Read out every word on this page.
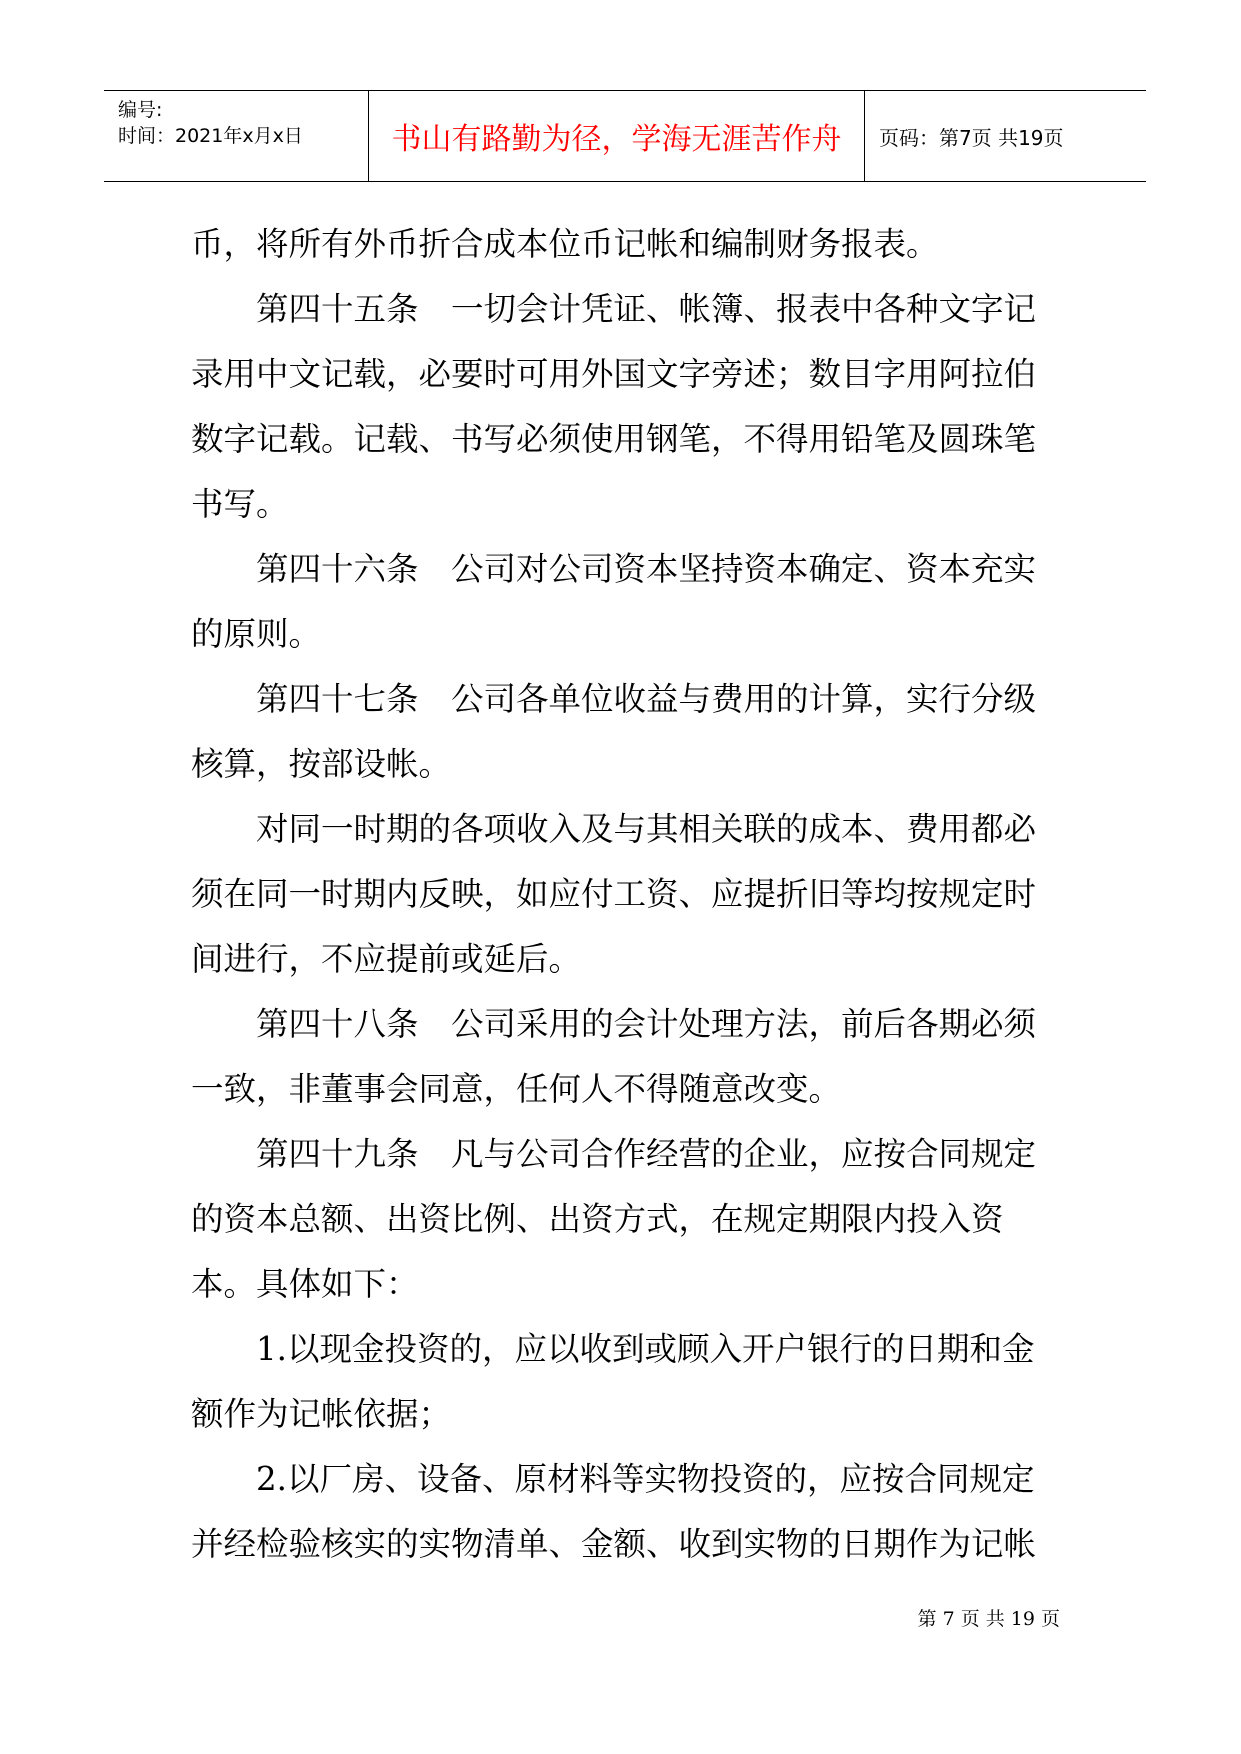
编号:
时间：2021年x月x日	书山有路勤为径，学海无涯苦作舟	页码：第7页 共19页

币，将所有外币折合成本位币记帐和编制财务报表。

第四十五条 一切会计凭证、帐簿、报表中各种文字记录用中文记载，必要时可用外国文字旁述；数目字用阿拉伯数字记载。记载、书写必须使用钢笔，不得用铅笔及圆珠笔书写。

第四十六条 公司对公司资本坚持资本确定、资本充实的原则。

第四十七条 公司各单位收益与费用的计算，实行分级核算，按部设帐。

对同一时期的各项收入及与其相关联的成本、费用都必须在同一时期内反映，如应付工资、应提折旧等均按规定时间进行，不应提前或延后。

第四十八条 公司采用的会计处理方法，前后各期必须一致，非董事会同意，任何人不得随意改变。

第四十九条 凡与公司合作经营的企业，应按合同规定的资本总额、出资比例、出资方式，在规定期限内投入资本。具体如下：

1.以现金投资的，应以收到或顾入开户银行的日期和金额作为记帐依据；

2.以厂房、设备、原材料等实物投资的，应按合同规定并经检验核实的实物清单、金额、收到实物的日期作为记帐

第 7 页 共 19 页
